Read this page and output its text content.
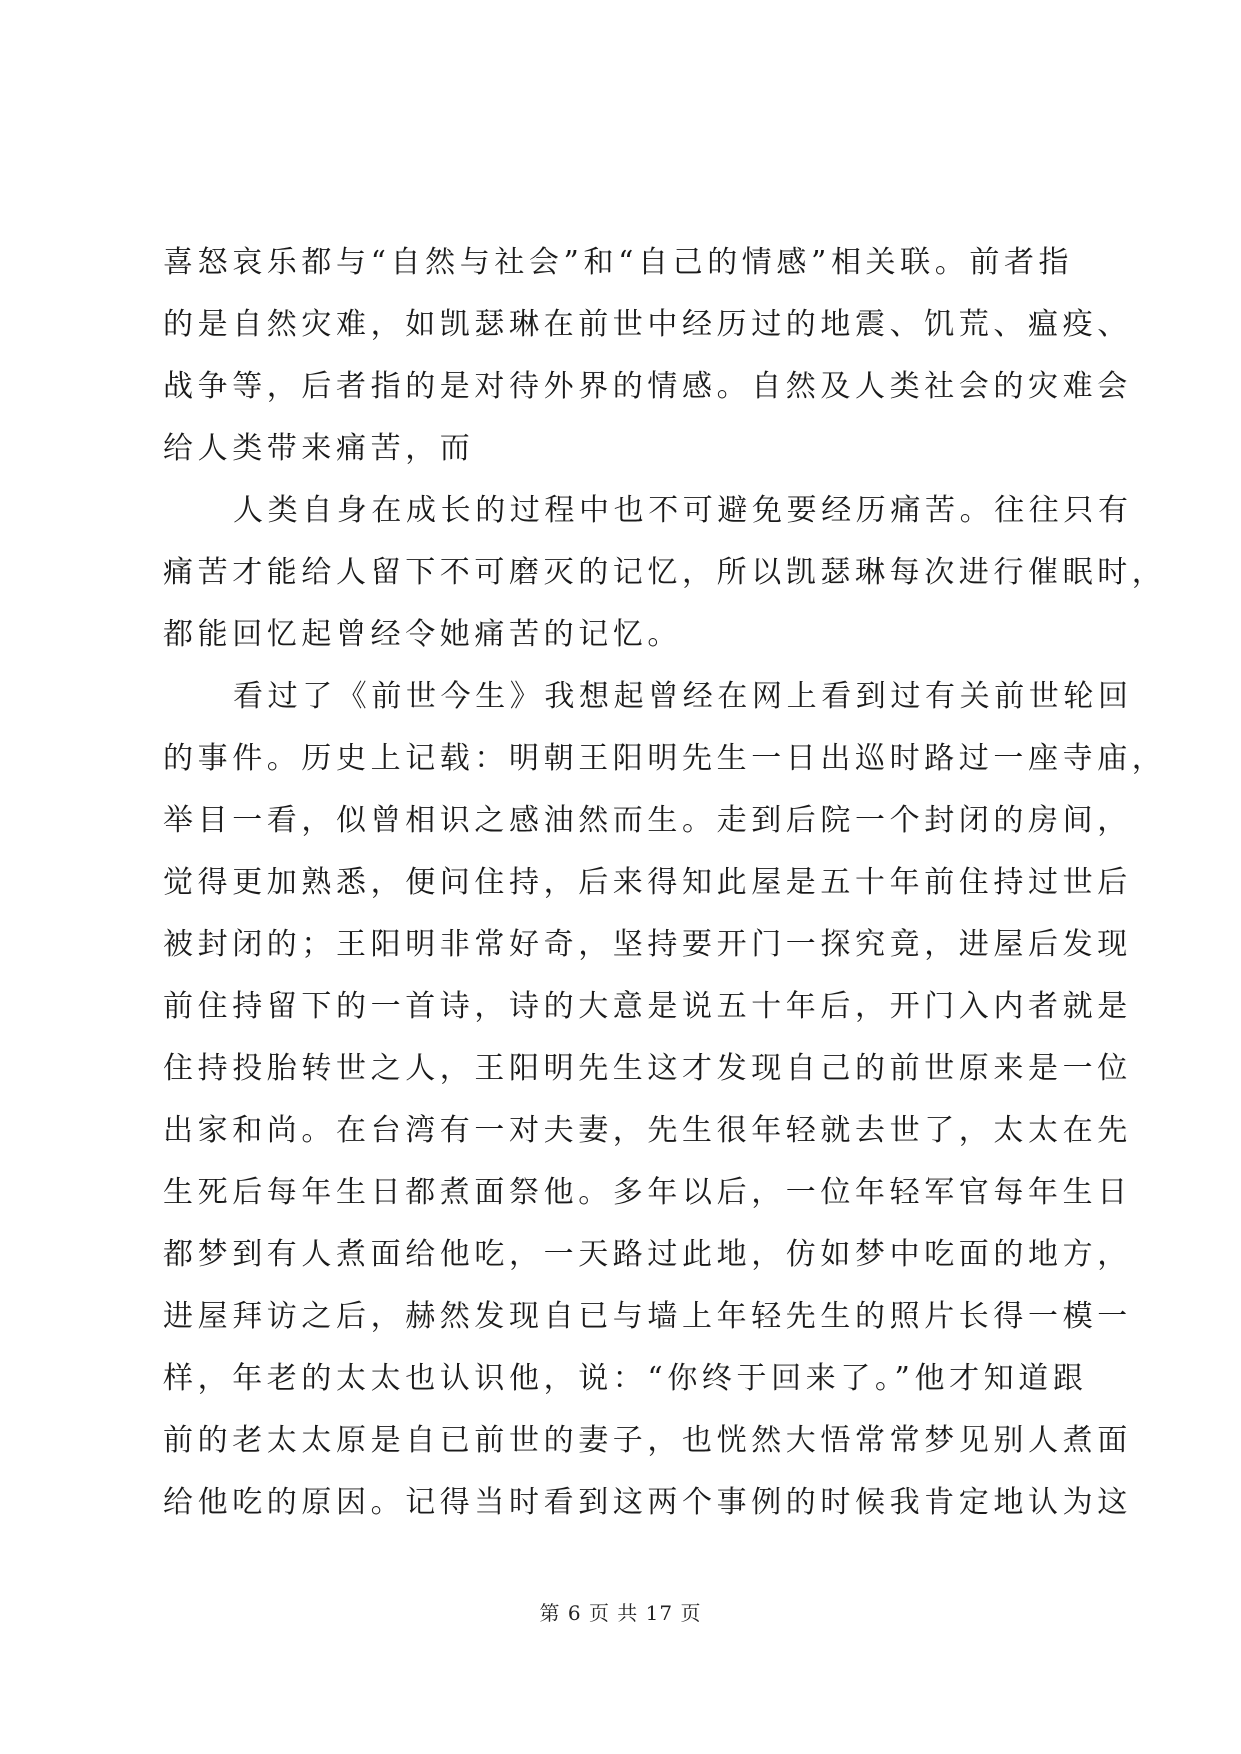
喜怒哀乐都与“自然与社会”和“自己的情感”相关联。前者指
的是自然灾难，如凯瑟琳在前世中经历过的地震、饥荒、瘟疫、
战争等，后者指的是对待外界的情感。自然及人类社会的灾难会
给人类带来痛苦，而
人类自身在成长的过程中也不可避免要经历痛苦。往往只有
痛苦才能给人留下不可磨灭的记忆，所以凯瑟琳每次进行催眠时，
都能回忆起曾经令她痛苦的记忆。
看过了《前世今生》我想起曾经在网上看到过有关前世轮回
的事件。历史上记载：明朝王阳明先生一日出巡时路过一座寺庙，
举目一看，似曾相识之感油然而生。走到后院一个封闭的房间，
觉得更加熟悉，便问住持，后来得知此屋是五十年前住持过世后
被封闭的；王阳明非常好奇，坚持要开门一探究竟，进屋后发现
前住持留下的一首诗，诗的大意是说五十年后，开门入内者就是
住持投胎转世之人，王阳明先生这才发现自己的前世原来是一位
出家和尚。在台湾有一对夫妻，先生很年轻就去世了，太太在先
生死后每年生日都煮面祭他。多年以后，一位年轻军官每年生日
都梦到有人煮面给他吃，一天路过此地，仿如梦中吃面的地方，
进屋拜访之后，赫然发现自已与墙上年轻先生的照片长得一模一
样，年老的太太也认识他，说：“你终于回来了。”他才知道跟
前的老太太原是自已前世的妻子，也恍然大悟常常梦见别人煮面
给他吃的原因。记得当时看到这两个事例的时候我肯定地认为这
第 6 页 共 17 页
